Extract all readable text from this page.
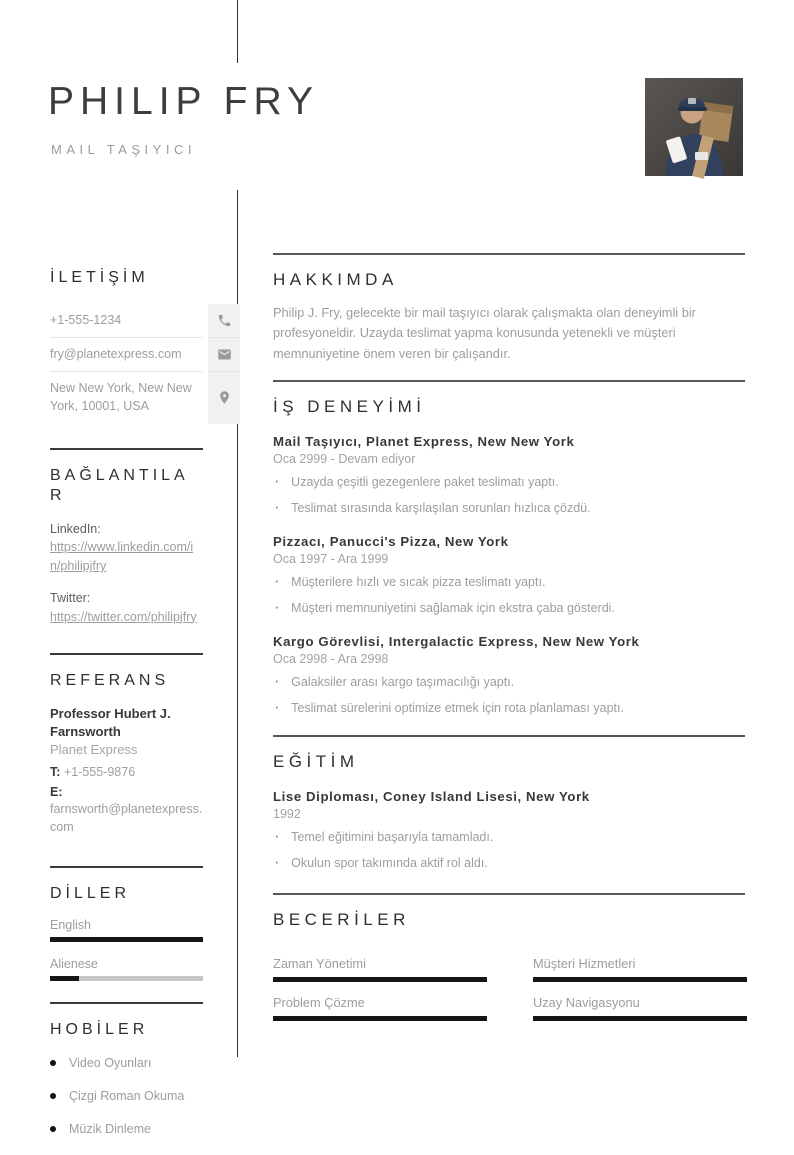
PHILIP FRY
MAIL TAŞIYICI
İLETİŞİM
+1-555-1234
fry@planetexpress.com
New New York, New New York, 10001, USA
BAĞLANTILAR
LinkedIn:
https://www.linkedin.com/in/philipjfry
Twitter:
https://twitter.com/philipjfry
REFERANS
Professor Hubert J. Farnsworth
Planet Express
T: +1-555-9876
E: farnsworth@planetexpress.com
DİLLER
English
Alienese
HOBİLER
Video Oyunları
Çizgi Roman Okuma
Müzik Dinleme
HAKKIMDA

Philip J. Fry, gelecekte bir mail taşıyıcı olarak çalışmakta olan deneyimli bir profesyoneldir. Uzayda teslimat yapma konusunda yetenekli ve müşteri memnuniyetine önem veren bir çalışandır.

İŞ DENEYİMİ
Mail Taşıyıcı, Planet Express, New New York
Oca 2999 - Devam ediyor
· Uzayda çeşitli gezegenlere paket teslimatı yaptı.
· Teslimat sırasında karşılaşılan sorunları hızlıca çözdü.
Pizzacı, Panucci's Pizza, New York
Oca 1997 - Ara 1999
· Müşterilere hızlı ve sıcak pizza teslimatı yaptı.
· Müşteri memnuniyetini sağlamak için ekstra çaba gösterdi.
Kargo Görevlisi, Intergalactic Express, New New York
Oca 2998 - Ara 2998
· Galaksiler arası kargo taşımacılığı yaptı.
· Teslimat sürelerini optimize etmek için rota planlaması yaptı.
EĞİTİM
Lise Diploması, Coney Island Lisesi, New York
1992
· Temel eğitimini başarıyla tamamladı.
· Okulun spor takımında aktif rol aldı.
BECERİLER
Zaman Yönetimi	Müşteri Hizmetleri
Problem Çözme	Uzay Navigasyonu
